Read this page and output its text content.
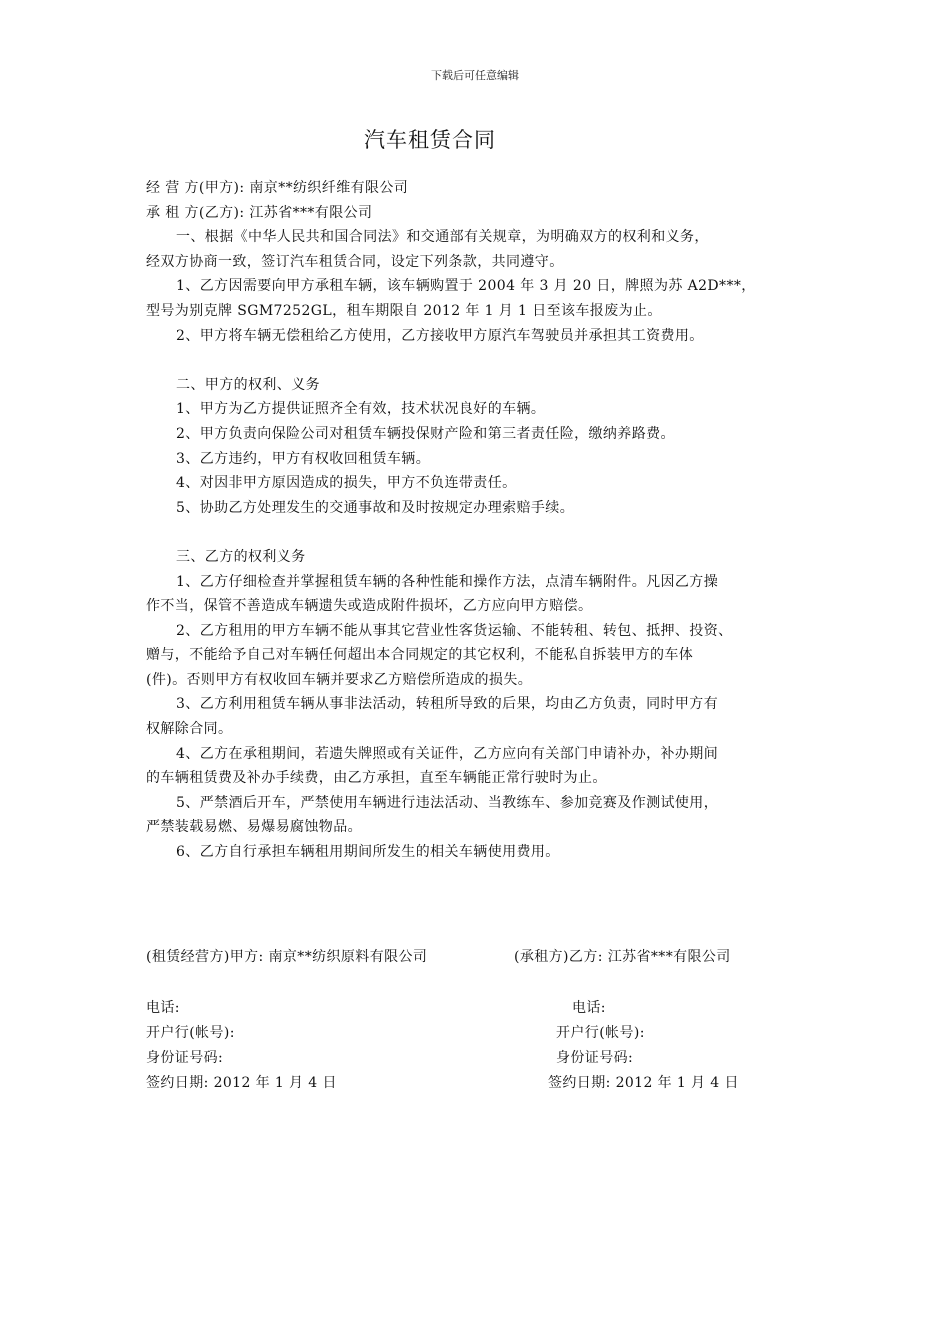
下载后可任意编辑
汽车租赁合同
经 营 方(甲方): 南京**纺织纤维有限公司
承 租 方(乙方): 江苏省***有限公司
一、根据《中华人民共和国合同法》和交通部有关规章，为明确双方的权利和义务，
经双方协商一致，签订汽车租赁合同，设定下列条款，共同遵守。
1、乙方因需要向甲方承租车辆，该车辆购置于 2004 年 3 月 20 日，牌照为苏 A2D***，
型号为别克牌 SGM7252GL，租车期限自 2012 年 1 月 1 日至该车报废为止。
2、甲方将车辆无偿租给乙方使用，乙方接收甲方原汽车驾驶员并承担其工资费用。
二、甲方的权利、义务
1、甲方为乙方提供证照齐全有效，技术状况良好的车辆。
2、甲方负责向保险公司对租赁车辆投保财产险和第三者责任险，缴纳养路费。
3、乙方违约，甲方有权收回租赁车辆。
4、对因非甲方原因造成的损失，甲方不负连带责任。
5、协助乙方处理发生的交通事故和及时按规定办理索赔手续。
三、乙方的权利义务
1、乙方仔细检查并掌握租赁车辆的各种性能和操作方法，点清车辆附件。凡因乙方操
作不当，保管不善造成车辆遗失或造成附件损坏，乙方应向甲方赔偿。
2、乙方租用的甲方车辆不能从事其它营业性客货运输、不能转租、转包、抵押、投资、
赠与，不能给予自己对车辆任何超出本合同规定的其它权利，不能私自拆装甲方的车体
(件)。否则甲方有权收回车辆并要求乙方赔偿所造成的损失。
3、乙方利用租赁车辆从事非法活动，转租所导致的后果，均由乙方负责，同时甲方有
权解除合同。
4、乙方在承租期间，若遗失牌照或有关证件，乙方应向有关部门申请补办，补办期间
的车辆租赁费及补办手续费，由乙方承担，直至车辆能正常行驶时为止。
5、严禁酒后开车，严禁使用车辆进行违法活动、当教练车、参加竞赛及作测试使用，
严禁装载易燃、易爆易腐蚀物品。
6、乙方自行承担车辆租用期间所发生的相关车辆使用费用。
(租赁经营方)甲方: 南京**纺织原料有限公司	(承租方)乙方: 江苏省***有限公司
电话:
开户行(帐号):
身份证号码:
签约日期: 2012 年 1 月 4 日
电话:
开户行(帐号):
身份证号码:
签约日期: 2012 年 1 月 4 日
